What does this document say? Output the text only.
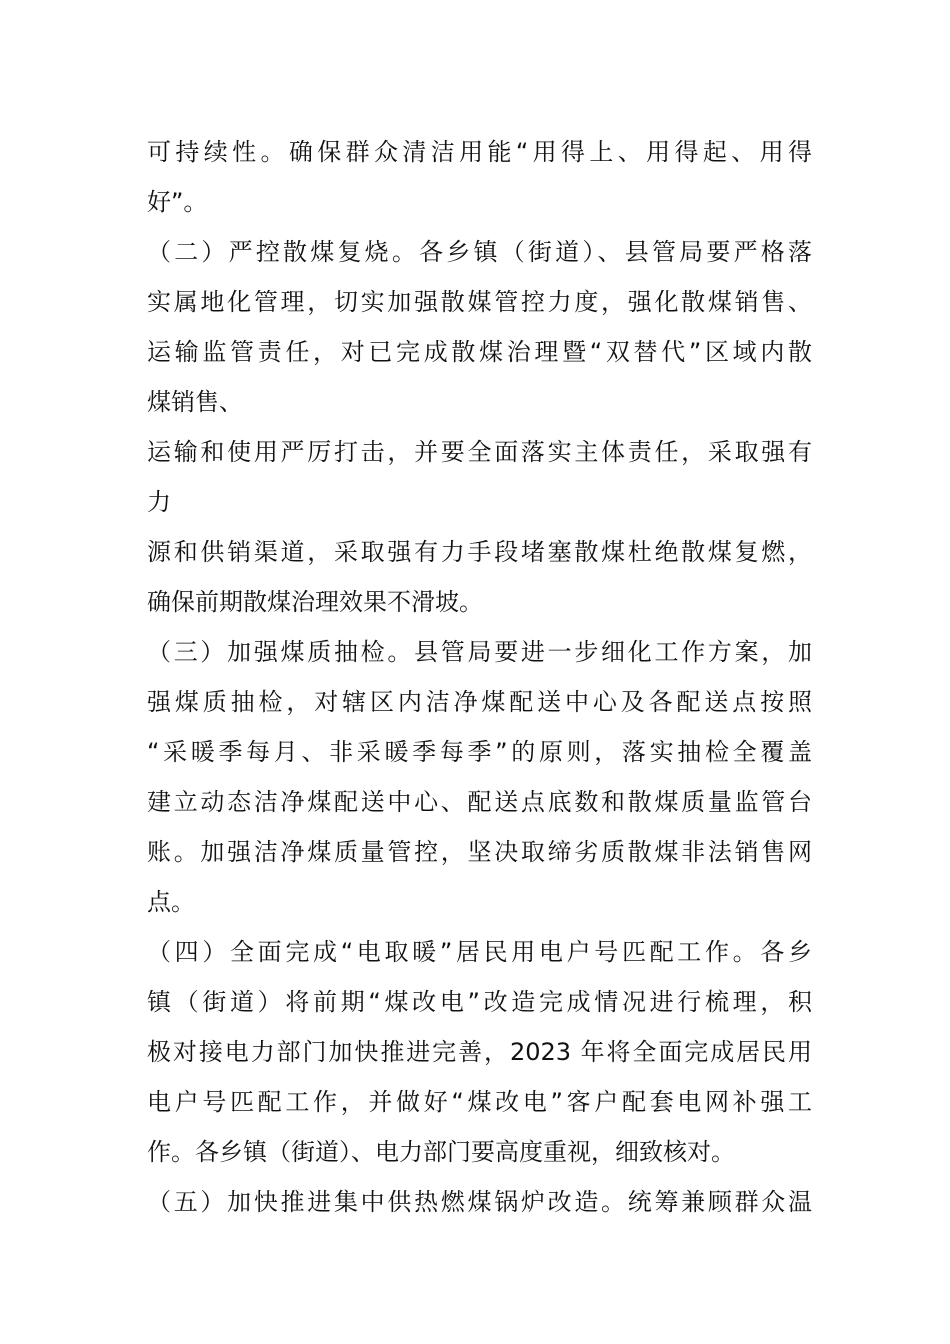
可持续性。确保群众清洁用能“用得上、用得起、用得
好”。
（二）严控散煤复烧。各乡镇（街道）、县管局要严格落
实属地化管理，切实加强散媒管控力度，强化散煤销售、
运输监管责任，对已完成散煤治理暨“双替代”区域内散
煤销售、
运输和使用严厉打击，并要全面落实主体责任，采取强有
力
源和供销渠道，采取强有力手段堵塞散煤杜绝散煤复燃，
确保前期散煤治理效果不滑坡。
（三）加强煤质抽检。县管局要进一步细化工作方案，加
强煤质抽检，对辖区内洁净煤配送中心及各配送点按照
“采暖季每月、非采暖季每季”的原则，落实抽检全覆盖
建立动态洁净煤配送中心、配送点底数和散煤质量监管台
账。加强洁净煤质量管控，坚决取缔劣质散煤非法销售网
点。
（四）全面完成“电取暖”居民用电户号匹配工作。各乡
镇（街道）将前期“煤改电”改造完成情况进行梳理，积
极对接电力部门加快推进完善，2023 年将全面完成居民用
电户号匹配工作，并做好“煤改电”客户配套电网补强工
作。各乡镇（街道）、电力部门要高度重视，细致核对。
（五）加快推进集中供热燃煤锅炉改造。统筹兼顾群众温
